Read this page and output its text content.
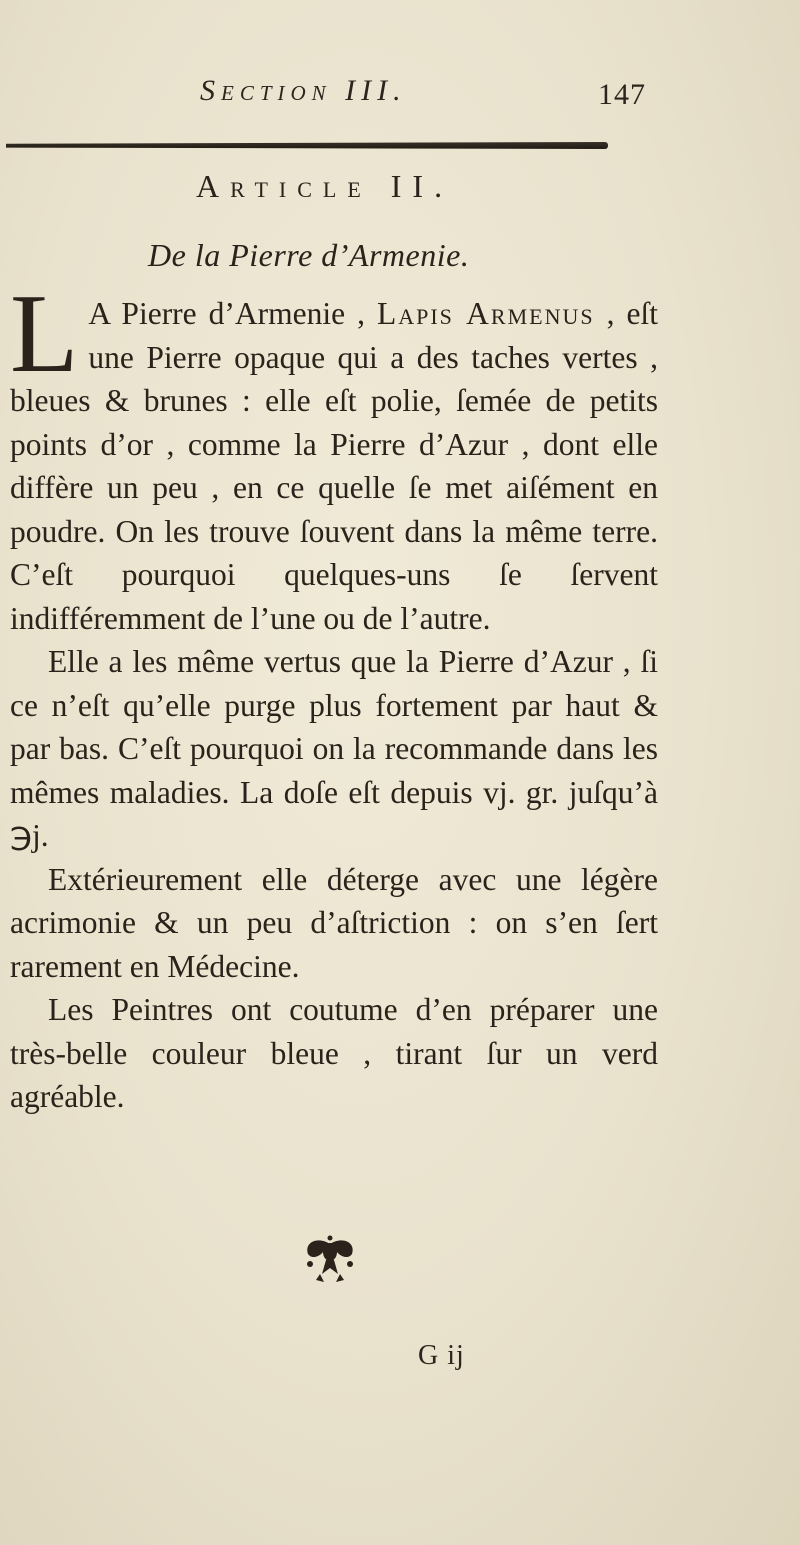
Section III.	147
Article II.
De la Pierre d’Armenie.

L A Pierre d’Armenie , Lapis Armenus , eſt une Pierre opaque qui a des taches vertes , bleues & brunes : elle eſt polie, ſemée de petits points d’or , comme la Pierre d’Azur , dont elle diffère un peu , en ce quelle ſe met aiſément en poudre. On les trouve ſouvent dans la même terre. C’eſt pourquoi quelques-uns ſe ſervent indifféremment de l’une ou de l’autre.

Elle a les même vertus que la Pierre d’Azur , ſi ce n’eſt qu’elle purge plus fortement par haut & par bas. C’eſt pourquoi on la recommande dans les mêmes maladies. La doſe eſt depuis vj. gr. juſqu’à ℈j.

Extérieurement elle déterge avec une légère acrimonie & un peu d’aſtriction : on s’en ſert rarement en Médecine.

Les Peintres ont coutume d’en préparer une très-belle couleur bleue , tirant ſur un verd agréable.

G ij
